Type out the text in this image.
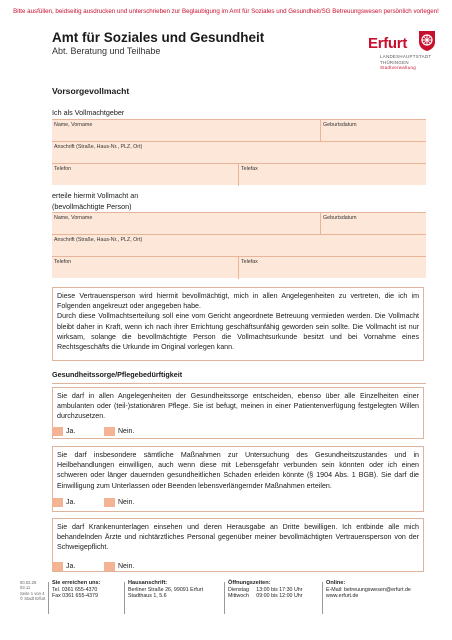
Bitte ausfüllen, beidseitig ausdrucken und unterschrieben zur Beglaubigung im Amt für Soziales und Gesundheit/SG Betreuungswesen persönlich vorlegen!
Amt für Soziales und Gesundheit
Abt. Beratung und Teilhabe	Erfurt
LANDESHAUPTSTADT
THÜRINGEN
Stadtverwaltung
Vorsorgevollmacht
Ich als Vollmachtgeber
Name, Vorname	Geburtsdatum
Anschrift (Straße, Haus-Nr., PLZ, Ort)
Telefon	Telefax
erteile hiermit Vollmacht an
(bevollmächtigte Person)
Name, Vorname	Geburtsdatum
Anschrift (Straße, Haus-Nr., PLZ, Ort)
Telefon	Telefax

Diese Vertrauensperson wird hiermit bevollmächtigt, mich in allen Angelegenheiten zu vertreten, die ich im Folgenden angekreuzt oder angegeben habe.

Durch diese Vollmachtserteilung soll eine vom Gericht angeordnete Betreuung vermieden werden. Die Vollmacht bleibt daher in Kraft, wenn ich nach ihrer Errichtung geschäftsunfähig geworden sein sollte. Die Vollmacht ist nur wirksam, solange die bevollmächtigte Person die Vollmachtsurkunde besitzt und bei Vornahme eines Rechtsgeschäfts die Urkunde im Original vorlegen kann.

Gesundheitssorge/Pflegebedürftigkeit

Sie darf in allen Angelegenheiten der Gesundheitssorge entscheiden, ebenso über alle Einzelheiten einer ambulanten oder (teil-)stationären Pflege. Sie ist befugt, meinen in einer Patientenverfügung festgelegten Willen durchzusetzen.

Ja.	Nein.

Sie darf insbesondere sämtliche Maßnahmen zur Untersuchung des Gesundheitszustandes und in Heilbehandlungen einwilligen, auch wenn diese mit Lebensgefahr verbunden sein könnten oder ich einen schweren oder länger dauernden gesundheitlichen Schaden erleiden könnte (§ 1904 Abs. 1 BGB). Sie darf die Einwilligung zum Unterlassen oder Beenden lebensverlängernder Maßnahmen erteilen.

Ja.	Nein.

Sie darf Krankenunterlagen einsehen und deren Herausgabe an Dritte bewilligen. Ich entbinde alle mich behandelnden Ärzte und nichtärztliches Personal gegenüber meiner bevollmächtigten Vertrauensperson von der Schweigepflicht.

Ja.	Nein.
50.02.26
03.11
Seite 1 von 4
© Stadt Erfurt
Sie erreichen uns:
Tel. 0361 655-4370
Fax 0361 655-4379
Hausanschrift:
Berliner Straße 26, 99091 Erfurt
Stadthaus 1, 5.6
Öffnungszeiten:
Dienstag     13:00 bis 17:30 Uhr
Mittwoch     09:00 bis 12:00 Uhr
Online:
E-Mail: betreuungswesen@erfurt.de
www.erfurt.de
